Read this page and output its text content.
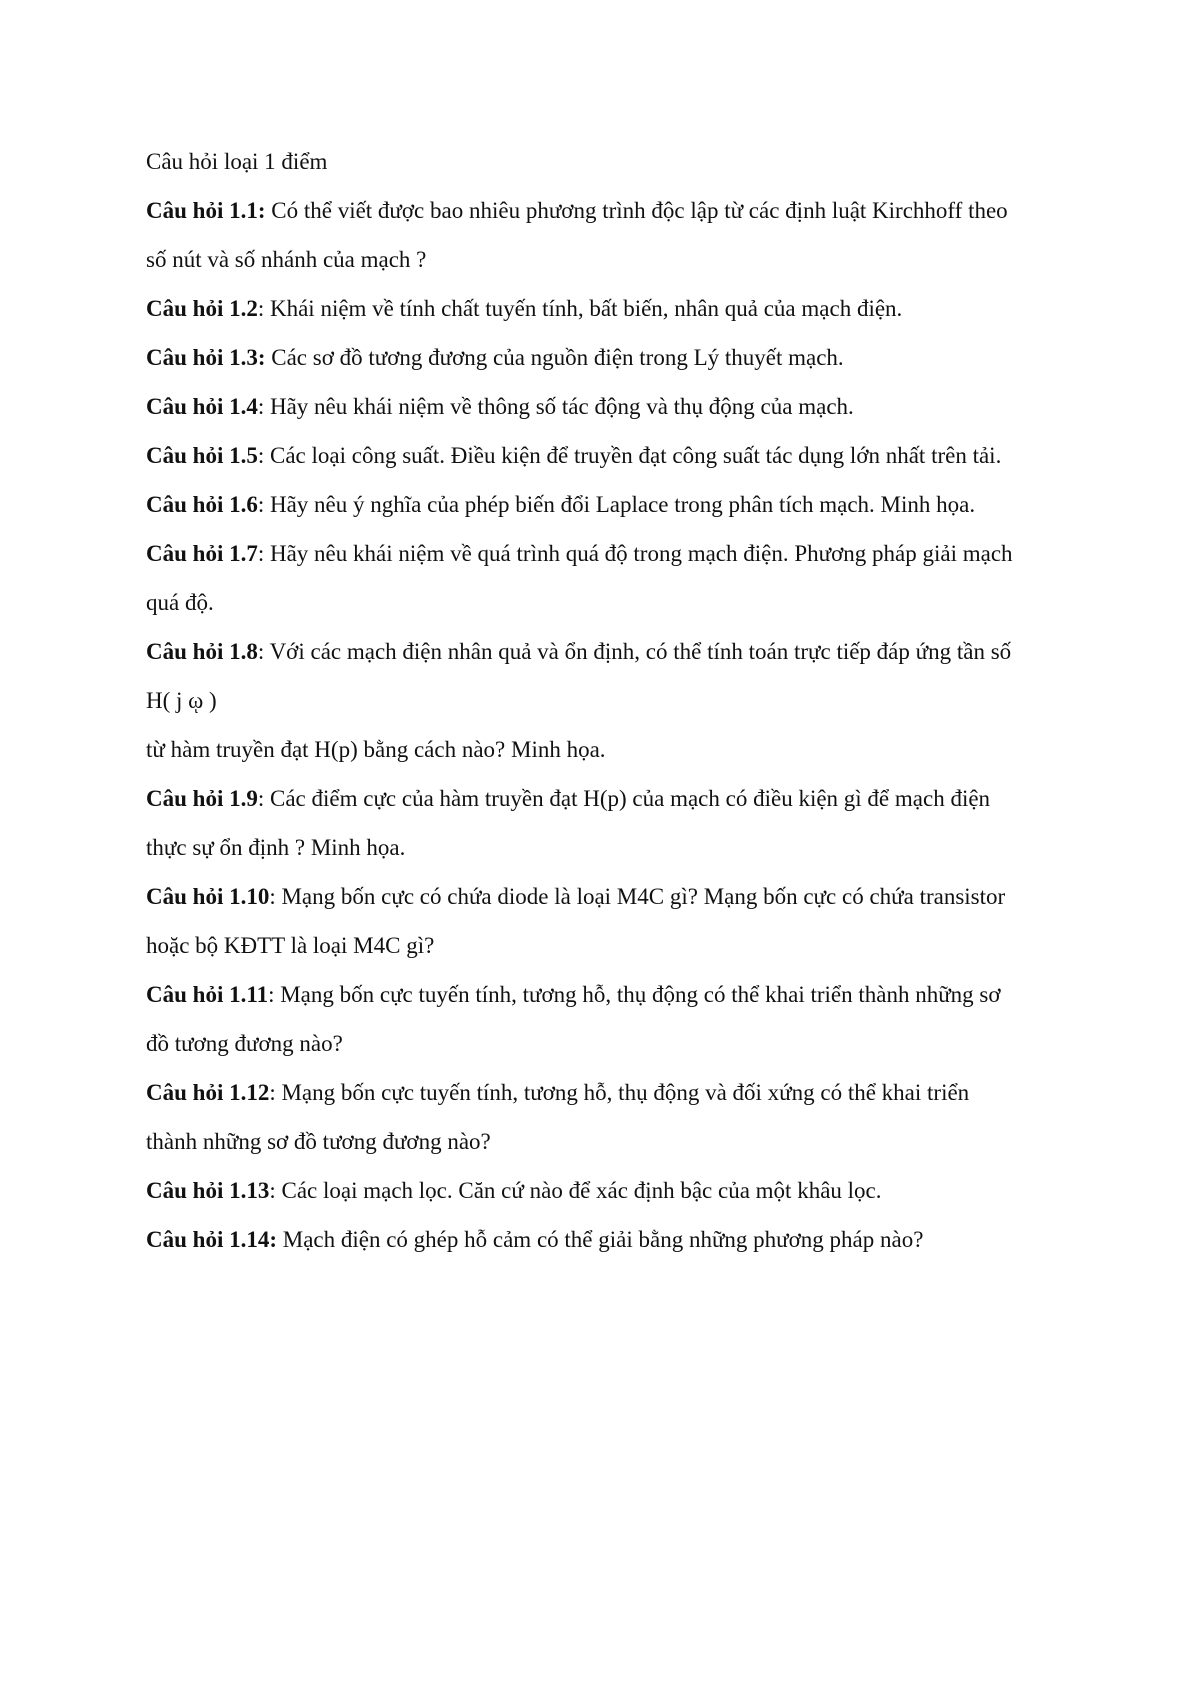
Câu hỏi loại 1 điểm

Câu hỏi 1.1: Có thể viết được bao nhiêu phương trình độc lập từ các định luật Kirchhoff theo

số nút và số nhánh của mạch ?

Câu hỏi 1.2: Khái niệm về tính chất tuyến tính, bất biến, nhân quả của mạch điện.

Câu hỏi 1.3: Các sơ đồ tương đương của nguồn điện trong Lý thuyết mạch.

Câu hỏi 1.4: Hãy nêu khái niệm về thông số tác động và thụ động của mạch.

Câu hỏi 1.5: Các loại công suất. Điều kiện để truyền đạt công suất tác dụng lớn nhất trên tải.

Câu hỏi 1.6: Hãy nêu ý nghĩa của phép biến đổi Laplace trong phân tích mạch. Minh họa.

Câu hỏi 1.7: Hãy nêu khái niệm về quá trình quá độ trong mạch điện. Phương pháp giải mạch

quá độ.

Câu hỏi 1.8: Với các mạch điện nhân quả và ổn định, có thể tính toán trực tiếp đáp ứng tần số

H( j ῳ )

từ hàm truyền đạt H(p) bằng cách nào? Minh họa.

Câu hỏi 1.9: Các điểm cực của hàm truyền đạt H(p) của mạch có điều kiện gì để mạch điện

thực sự ổn định ? Minh họa.

Câu hỏi 1.10: Mạng bốn cực có chứa diode là loại M4C gì? Mạng bốn cực có chứa transistor

hoặc bộ KĐTT là loại M4C gì?

Câu hỏi 1.11: Mạng bốn cực tuyến tính, tương hỗ, thụ động có thể khai triển thành những sơ

đồ tương đương nào?

Câu hỏi 1.12: Mạng bốn cực tuyến tính, tương hỗ, thụ động và đối xứng có thể khai triển

thành những sơ đồ tương đương nào?

Câu hỏi 1.13: Các loại mạch lọc. Căn cứ nào để xác định bậc của một khâu lọc.

Câu hỏi 1.14: Mạch điện có ghép hỗ cảm có thể giải bằng những phương pháp nào?
